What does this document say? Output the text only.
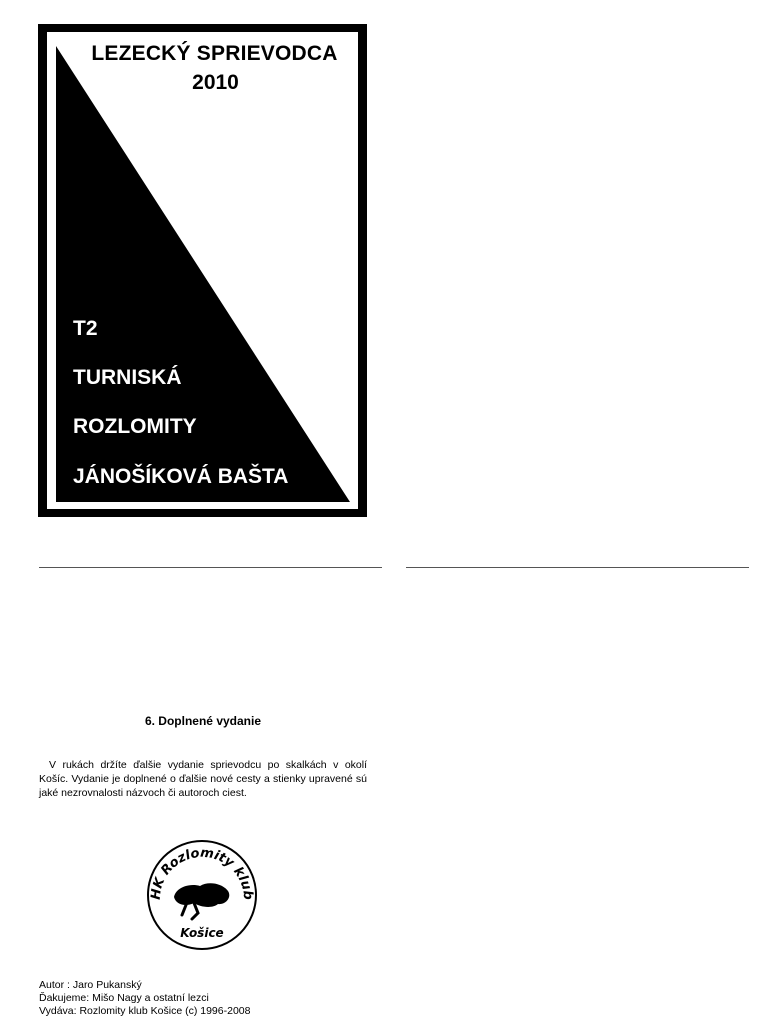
LEZECKÝ SPRIEVODCA
2010
T2
TURNISKÁ
ROZLOMITY
JÁNOŠÍKOVÁ BAŠTA
6. Doplnené vydanie
V rukách držíte ďalšie vydanie sprievodcu po skalkách v okolí Košíc. Vydanie je doplnené o ďalšie nové cesty a stienky upravené sú jaké nezrovnalosti názvoch či autoroch ciest.
HK Rozlomity klub
Košice
Autor : Jaro Pukanský
Ďakujeme: Mišo Nagy a ostatní lezci
Vydáva: Rozlomity klub Košice (c) 1996-2008
